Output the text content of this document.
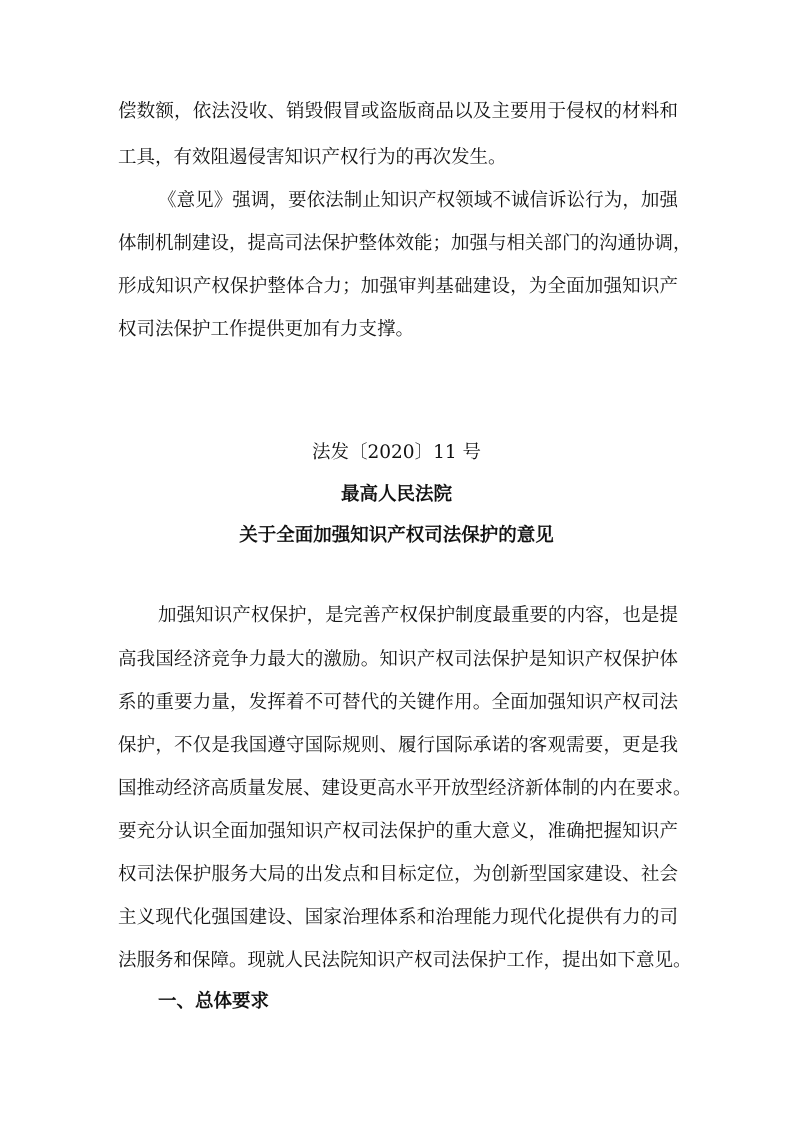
偿数额，依法没收、销毁假冒或盗版商品以及主要用于侵权的材料和
工具，有效阻遏侵害知识产权行为的再次发生。
《意见》强调，要依法制止知识产权领域不诚信诉讼行为，加强
体制机制建设，提高司法保护整体效能；加强与相关部门的沟通协调，
形成知识产权保护整体合力；加强审判基础建设，为全面加强知识产
权司法保护工作提供更加有力支撑。
法发〔2020〕11 号
最高人民法院
关于全面加强知识产权司法保护的意见
加强知识产权保护，是完善产权保护制度最重要的内容，也是提
高我国经济竞争力最大的激励。知识产权司法保护是知识产权保护体
系的重要力量，发挥着不可替代的关键作用。全面加强知识产权司法
保护，不仅是我国遵守国际规则、履行国际承诺的客观需要，更是我
国推动经济高质量发展、建设更高水平开放型经济新体制的内在要求。
要充分认识全面加强知识产权司法保护的重大意义，准确把握知识产
权司法保护服务大局的出发点和目标定位，为创新型国家建设、社会
主义现代化强国建设、国家治理体系和治理能力现代化提供有力的司
法服务和保障。现就人民法院知识产权司法保护工作，提出如下意见。
一、总体要求
